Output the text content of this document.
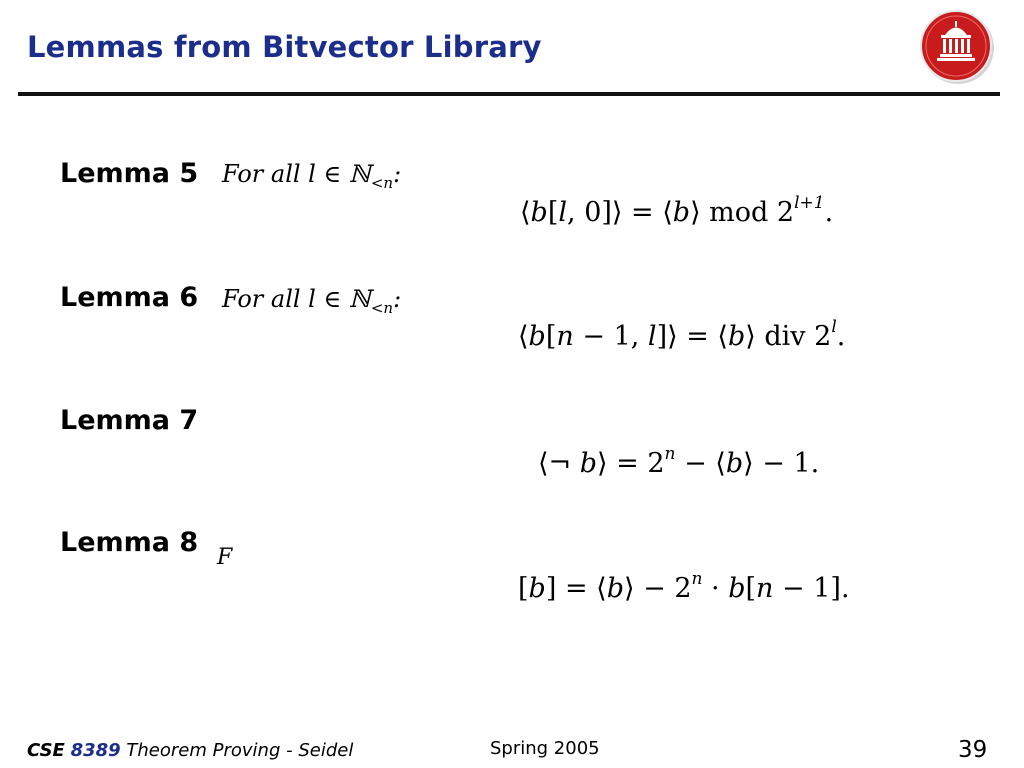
Lemmas from Bitvector Library
Lemma 5 For all l ∈ ℕ$_{<n}$:
⟨b[l, 0]⟩ = ⟨b⟩ mod $2^{l+1}$.
Lemma 6 For all l ∈ ℕ$_{<n}$:
⟨b[n − 1, l]⟩ = ⟨b⟩ div 2$^l$.
Lemma 7
⟨¬ b⟩ = $2^n$ − ⟨b⟩ − 1.
Lemma 8 F
[b] = ⟨b⟩ − $2^n \cdot b[n - 1]$.
CSE 8389 Theorem Proving - Seidel	Spring 2005	39
